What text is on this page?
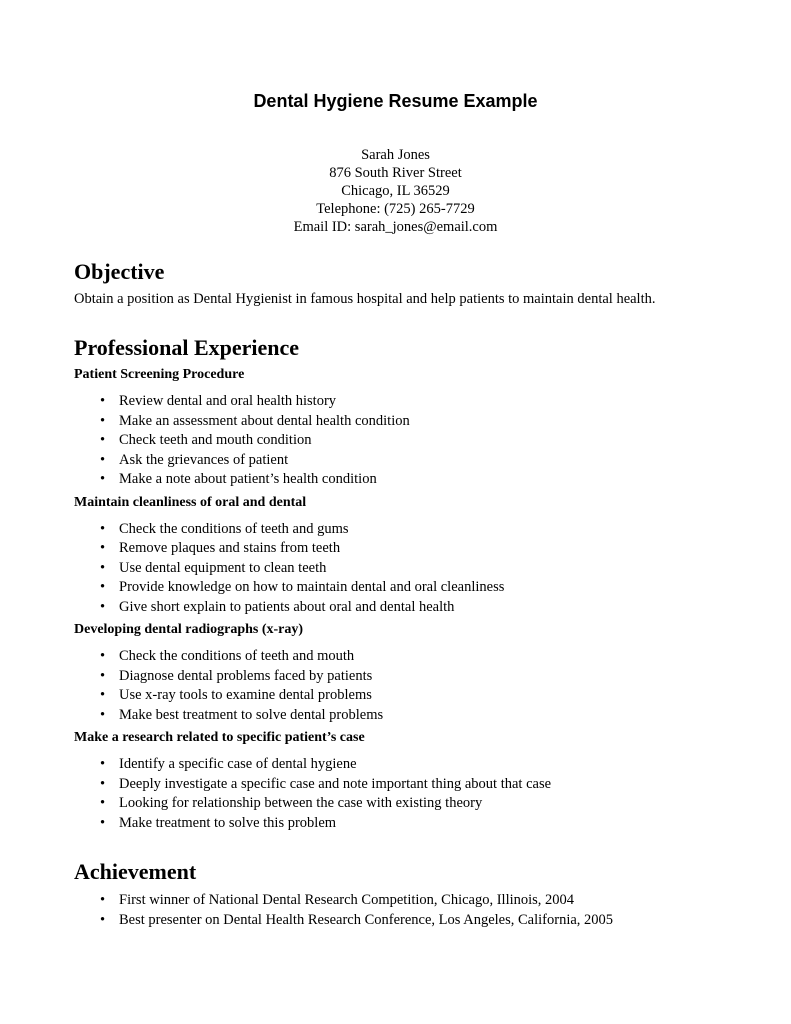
Dental Hygiene Resume Example
Sarah Jones
876 South River Street
Chicago, IL 36529
Telephone: (725) 265-7729
Email ID: sarah_jones@email.com
Objective

Obtain a position as Dental Hygienist in famous hospital and help patients to maintain dental health.

Professional Experience
Patient Screening Procedure
• Review dental and oral health history
• Make an assessment about dental health condition
• Check teeth and mouth condition
• Ask the grievances of patient
• Make a note about patient’s health condition
Maintain cleanliness of oral and dental
• Check the conditions of teeth and gums
• Remove plaques and stains from teeth
• Use dental equipment to clean teeth
• Provide knowledge on how to maintain dental and oral cleanliness
• Give short explain to patients about oral and dental health
Developing dental radiographs (x-ray)
• Check the conditions of teeth and mouth
• Diagnose dental problems faced by patients
• Use x-ray tools to examine dental problems
• Make best treatment to solve dental problems
Make a research related to specific patient’s case
• Identify a specific case of dental hygiene
• Deeply investigate a specific case and note important thing about that case
• Looking for relationship between the case with existing theory
• Make treatment to solve this problem
Achievement
• First winner of National Dental Research Competition, Chicago, Illinois, 2004
• Best presenter on Dental Health Research Conference, Los Angeles, California, 2005
